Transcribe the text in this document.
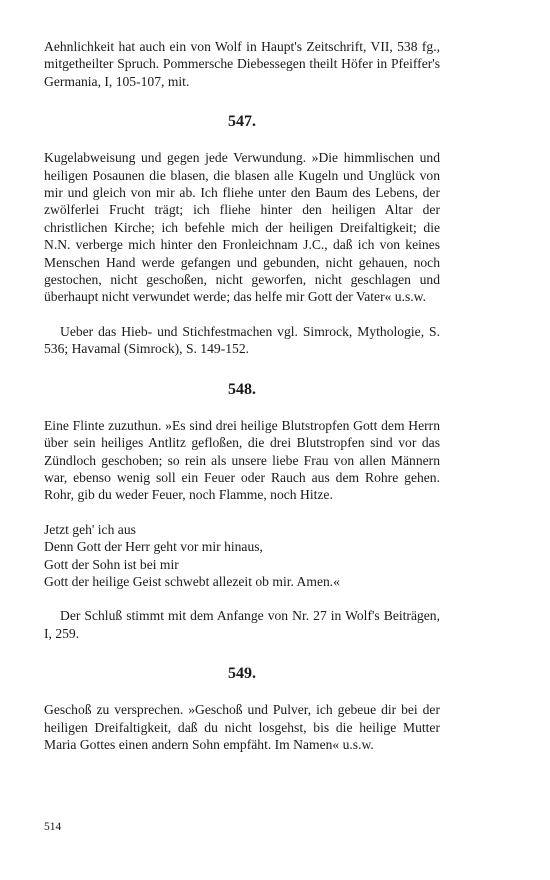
Aehnlichkeit hat auch ein von Wolf in Haupt's Zeitschrift, VII, 538 fg., mitgetheilter Spruch. Pommersche Diebessegen theilt Höfer in Pfeiffer's Germania, I, 105-107, mit.

547.

Kugelabweisung und gegen jede Verwundung. »Die himmlischen und heiligen Posaunen die blasen, die blasen alle Kugeln und Unglück von mir und gleich von mir ab. Ich fliehe unter den Baum des Lebens, der zwölferlei Frucht trägt; ich fliehe hinter den heiligen Altar der christlichen Kirche; ich befehle mich der heiligen Dreifaltigkeit; die N.N. verberge mich hinter den Fronleichnam J.C., daß ich von keines Menschen Hand werde gefangen und gebunden, nicht gehauen, noch gestochen, nicht geschoßen, nicht geworfen, nicht geschlagen und überhaupt nicht verwundet werde; das helfe mir Gott der Vater« u.s.w.

Ueber das Hieb- und Stichfestmachen vgl. Simrock, Mythologie, S. 536; Havamal (Simrock), S. 149-152.

548.

Eine Flinte zuzuthun. »Es sind drei heilige Blutstropfen Gott dem Herrn über sein heiliges Antlitz gefloßen, die drei Blutstropfen sind vor das Zündloch geschoben; so rein als unsere liebe Frau von allen Männern war, ebenso wenig soll ein Feuer oder Rauch aus dem Rohre gehen. Rohr, gib du weder Feuer, noch Flamme, noch Hitze.

Jetzt geh' ich aus

Denn Gott der Herr geht vor mir hinaus,

Gott der Sohn ist bei mir

Gott der heilige Geist schwebt allezeit ob mir. Amen.«

Der Schluß stimmt mit dem Anfange von Nr. 27 in Wolf's Beiträgen, I, 259.

549.

Geschoß zu versprechen. »Geschoß und Pulver, ich gebeue dir bei der heiligen Dreifaltigkeit, daß du nicht losgehst, bis die heilige Mutter Maria Gottes einen andern Sohn empfäht. Im Namen« u.s.w.

514
